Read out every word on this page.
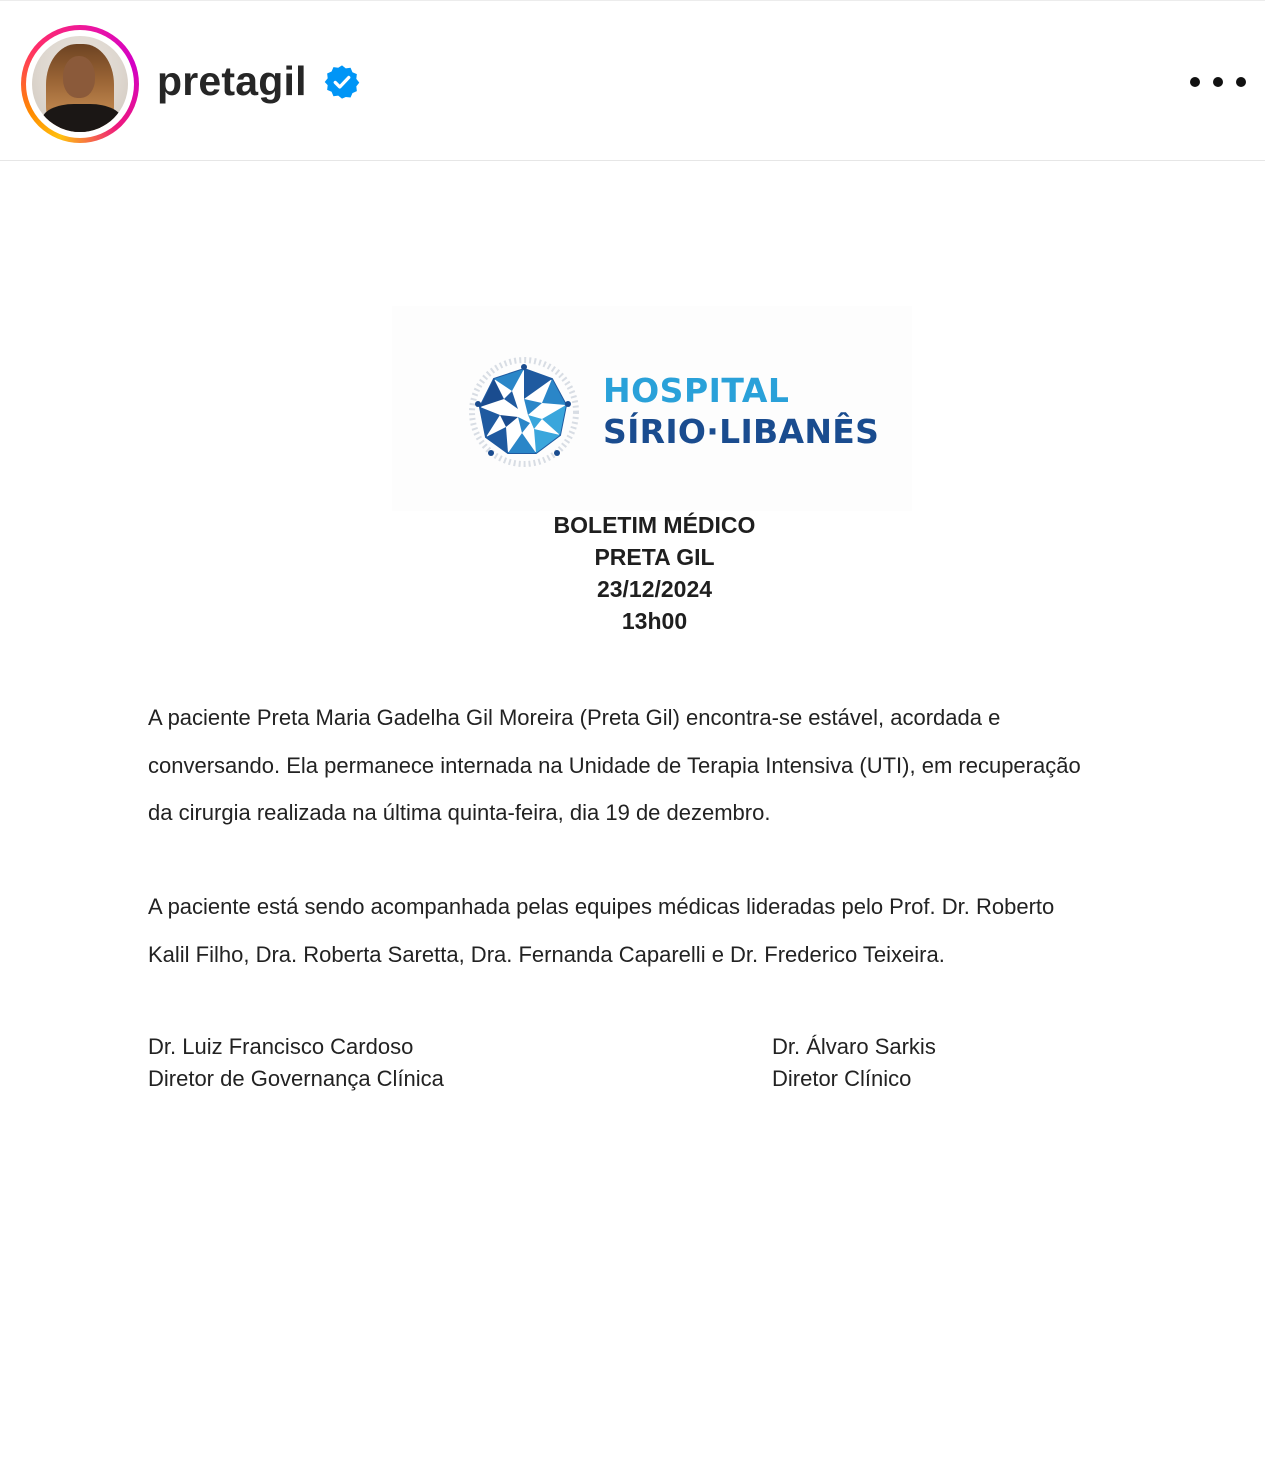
pretagil
HOSPITAL
SÍRIO·LIBANÊS
BOLETIM MÉDICO
PRETA GIL
23/12/2024
13h00
A paciente Preta Maria Gadelha Gil Moreira (Preta Gil) encontra-se estável, acordada e
conversando. Ela permanece internada na Unidade de Terapia Intensiva (UTI), em recuperação
da cirurgia realizada na última quinta-feira, dia 19 de dezembro.
A paciente está sendo acompanhada pelas equipes médicas lideradas pelo Prof. Dr. Roberto
Kalil Filho, Dra. Roberta Saretta, Dra. Fernanda Caparelli e Dr. Frederico Teixeira.
Dr. Luiz Francisco Cardoso
Diretor de Governança Clínica
Dr. Álvaro Sarkis
Diretor Clínico
